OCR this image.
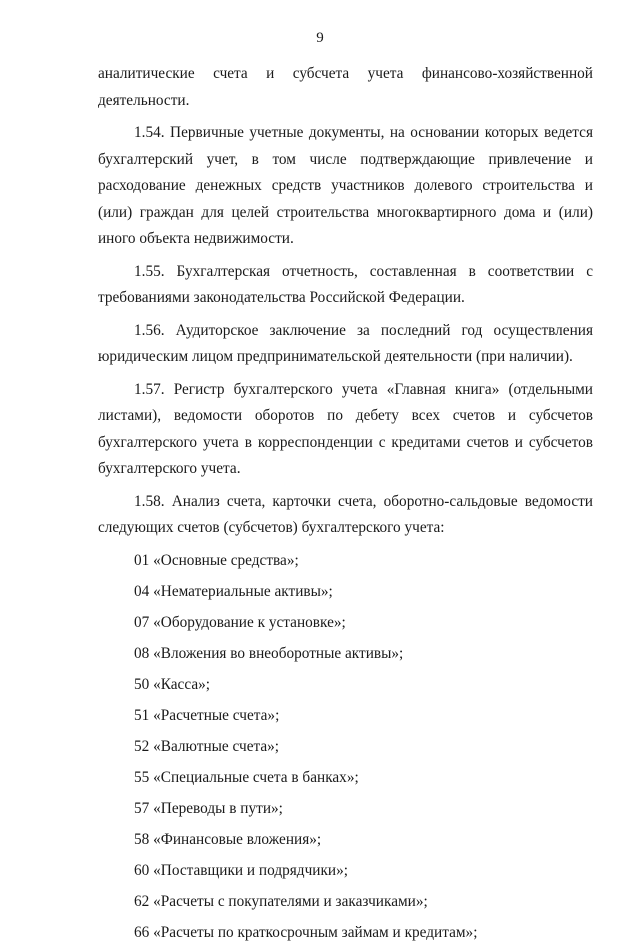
9

аналитические счета и субсчета учета финансово-хозяйственной деятельности.

1.54. Первичные учетные документы, на основании которых ведется бухгалтерский учет, в том числе подтверждающие привлечение и расходование денежных средств участников долевого строительства и (или) граждан для целей строительства многоквартирного дома и (или) иного объекта недвижимости.

1.55. Бухгалтерская отчетность, составленная в соответствии с требованиями законодательства Российской Федерации.

1.56. Аудиторское заключение за последний год осуществления юридическим лицом предпринимательской деятельности (при наличии).

1.57. Регистр бухгалтерского учета «Главная книга» (отдельными листами), ведомости оборотов по дебету всех счетов и субсчетов бухгалтерского учета в корреспонденции с кредитами счетов и субсчетов бухгалтерского учета.

1.58. Анализ счета, карточки счета, оборотно-сальдовые ведомости следующих счетов (субсчетов) бухгалтерского учета:

01 «Основные средства»;

04 «Нематериальные активы»;

07 «Оборудование к установке»;

08 «Вложения во внеоборотные активы»;

50 «Касса»;

51 «Расчетные счета»;

52 «Валютные счета»;

55 «Специальные счета в банках»;

57 «Переводы в пути»;

58 «Финансовые вложения»;

60 «Поставщики и подрядчики»;

62 «Расчеты с покупателями и заказчиками»;

66 «Расчеты по краткосрочным займам и кредитам»;
